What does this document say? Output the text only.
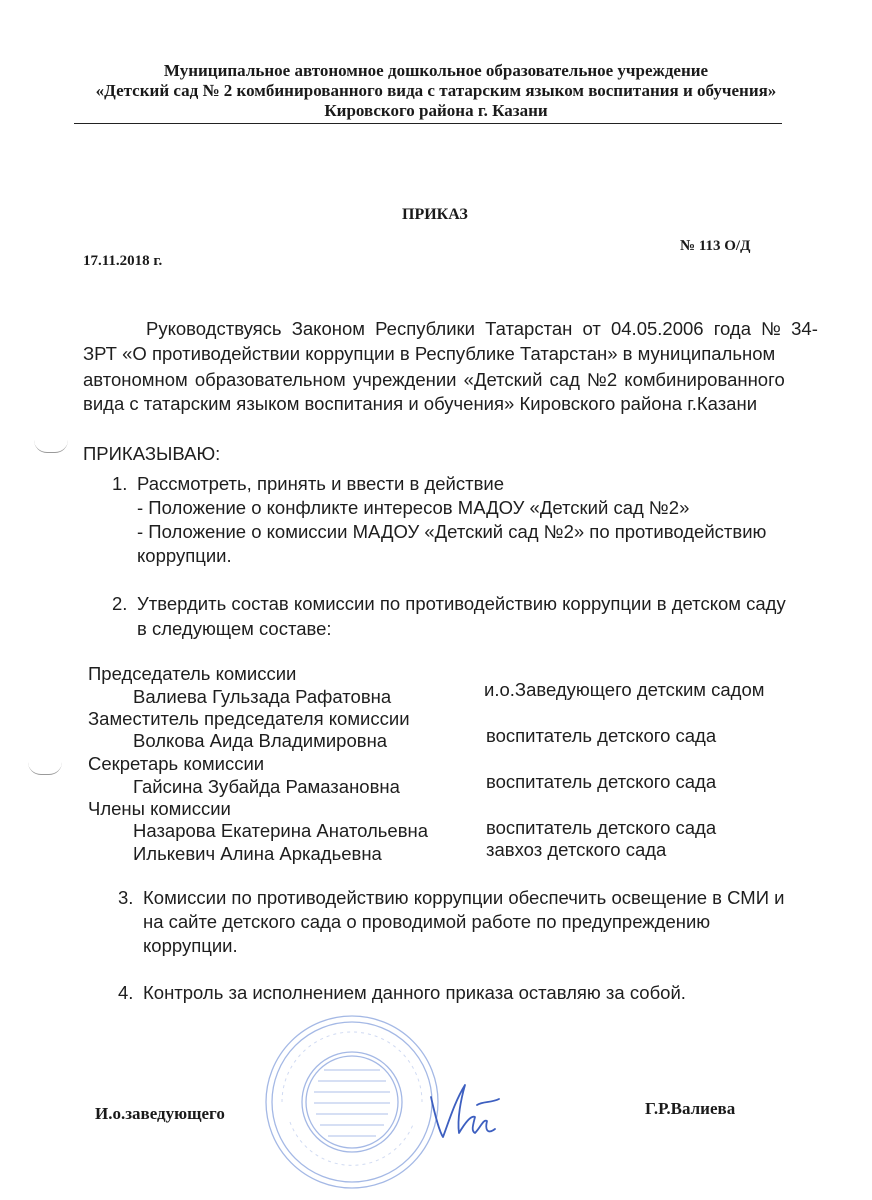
Муниципальное автономное дошкольное образовательное учреждение
«Детский сад № 2 комбинированного вида с татарским языком воспитания и обучения»
Кировского района г. Казани
ПРИКАЗ
17.11.2018 г.
№ 113 О/Д
Руководствуясь Законом Республики Татарстан от 04.05.2006 года № 34-
ЗРТ «О противодействии коррупции в Республике Татарстан» в муниципальном
автономном образовательном учреждении «Детский сад №2 комбинированного
вида с татарским языком воспитания и обучения» Кировского района г.Казани
ПРИКАЗЫВАЮ:
1. Рассмотреть, принять и ввести в действие
- Положение о конфликте интересов МАДОУ «Детский сад №2»
- Положение о комиссии МАДОУ «Детский сад №2» по противодействию
коррупции.
2. Утвердить состав комиссии по противодействию коррупции в детском саду
в следующем составе:
Председатель комиссии
Валиева Гульзада Рафатовна	и.о.Заведующего детским садом
Заместитель председателя комиссии
Волкова Аида Владимировна	воспитатель детского сада
Секретарь комиссии
Гайсина Зубайда Рамазановна	воспитатель детского сада
Члены комиссии
Назарова Екатерина Анатольевна	воспитатель детского сада
Илькевич Алина Аркадьевна	завхоз детского сада
3. Комиссии по противодействию коррупции обеспечить освещение в СМИ и
на сайте детского сада о проводимой работе по предупреждению
коррупции.
4. Контроль за исполнением данного приказа оставляю за собой.
И.о.заведующего	Г.Р.Валиева
